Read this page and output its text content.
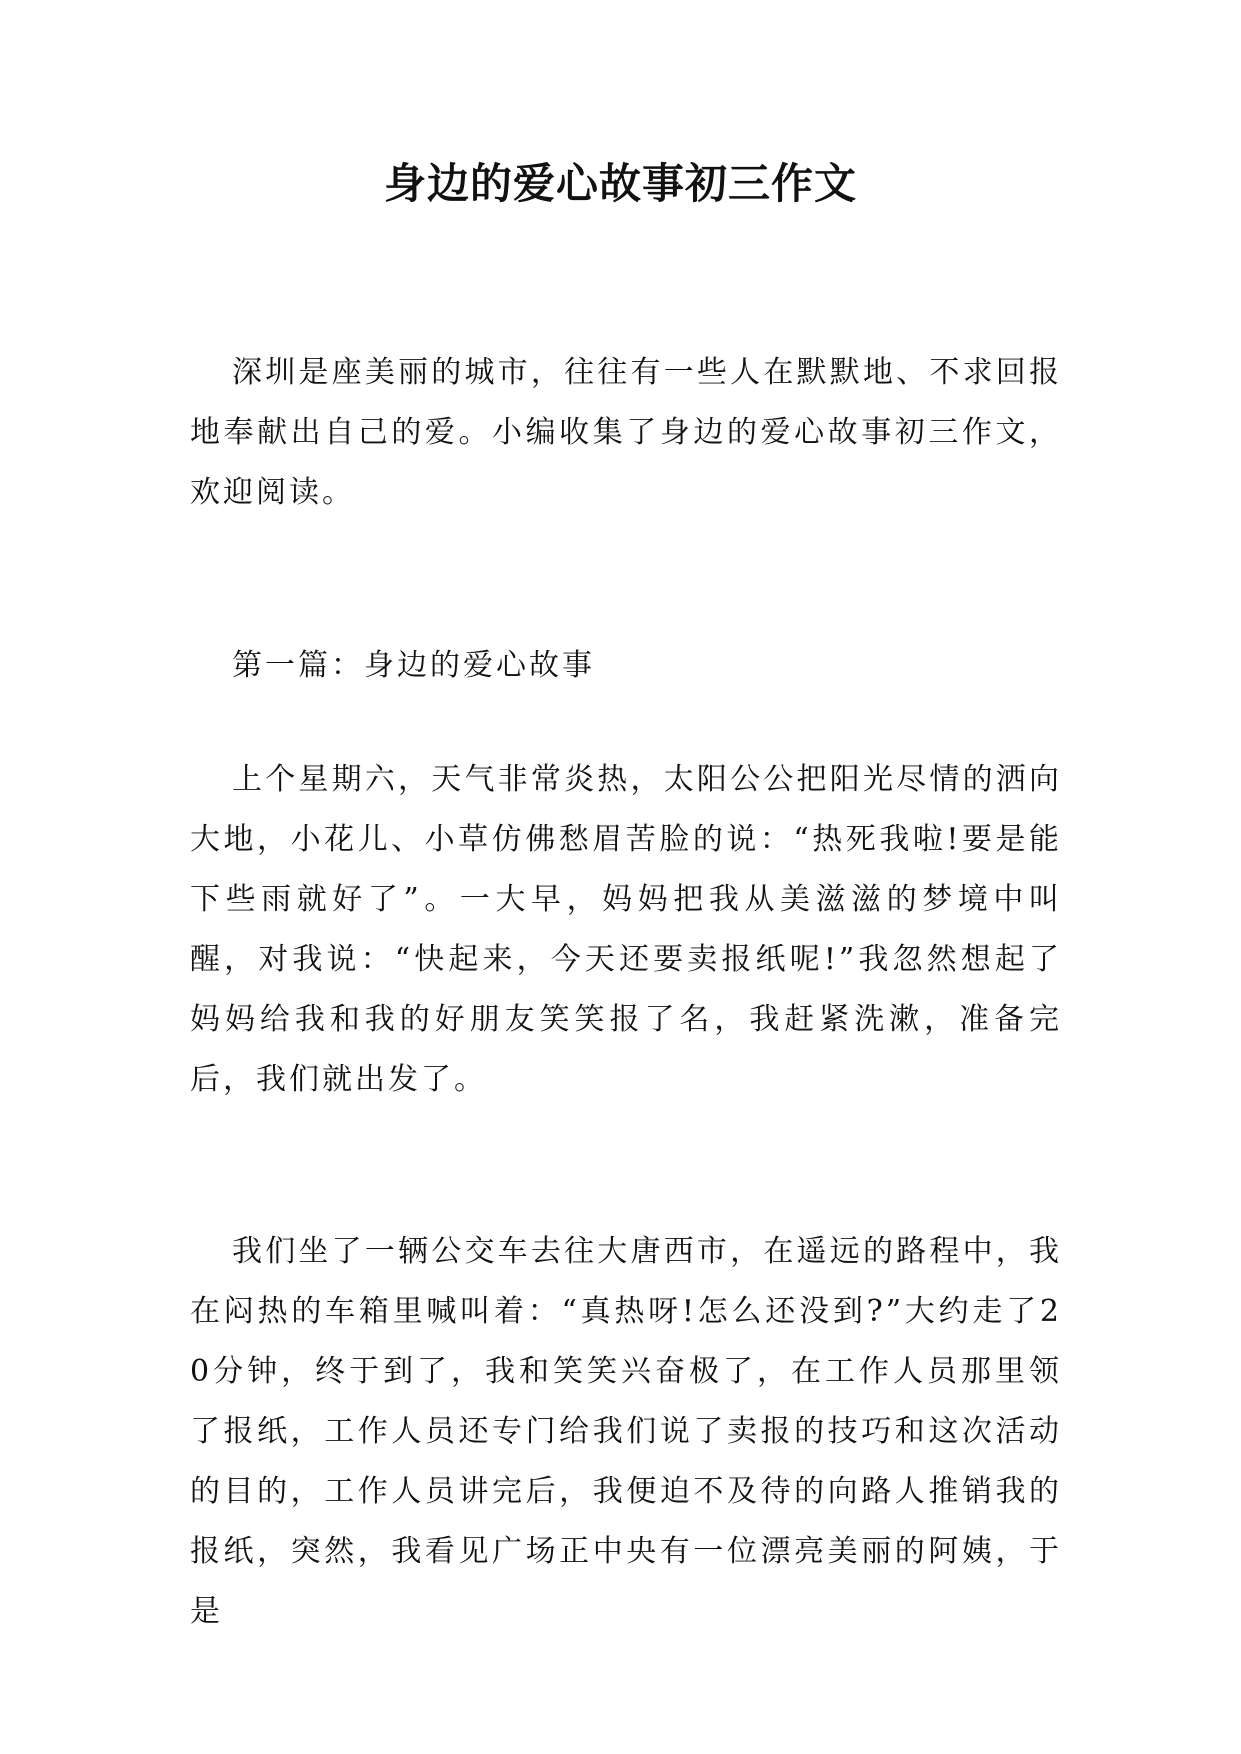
身边的爱心故事初三作文

深圳是座美丽的城市，往往有一些人在默默地、不求回报地奉献出自己的爱。小编收集了身边的爱心故事初三作文，欢迎阅读。

第一篇：身边的爱心故事

上个星期六，天气非常炎热，太阳公公把阳光尽情的洒向大地，小花儿、小草仿佛愁眉苦脸的说：“热死我啦!要是能下些雨就好了”。一大早，妈妈把我从美滋滋的梦境中叫醒，对我说：“快起来，今天还要卖报纸呢!”我忽然想起了妈妈给我和我的好朋友笑笑报了名，我赶紧洗漱，准备完后，我们就出发了。

我们坐了一辆公交车去往大唐西市，在遥远的路程中，我在闷热的车箱里喊叫着：“真热呀!怎么还没到?”大约走了20分钟，终于到了，我和笑笑兴奋极了，在工作人员那里领了报纸，工作人员还专门给我们说了卖报的技巧和这次活动的目的，工作人员讲完后，我便迫不及待的向路人推销我的报纸，突然，我看见广场正中央有一位漂亮美丽的阿姨，于是
